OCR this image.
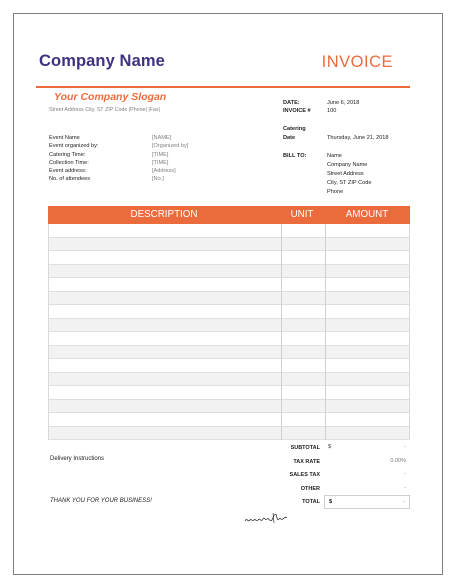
Company Name	INVOICE
Your Company Slogan
Street Address City, ST ZIP Code |Phone| |Fax|
DATE:	June 6, 2018
INVOICE #	100
Catering
Date	Thursday, June 21, 2018
BILL TO:	Name
Company Name
Street Address
City, ST ZIP Code
Phone
Event Name	[NAME]
Event organized by:	[Organized by]
Catering Time:	[TIME]
Collection Time:	[TIME]
Event address:	[Address]
No. of attendees	[No.]
DESCRIPTION	UNIT	AMOUNT
SUBTOTAL $	-
TAX RATE	0.00%
SALES TAX	-
OTHER	-
TOTAL $	-
Delivery Instructions
THANK YOU FOR YOUR BUSINESS!
